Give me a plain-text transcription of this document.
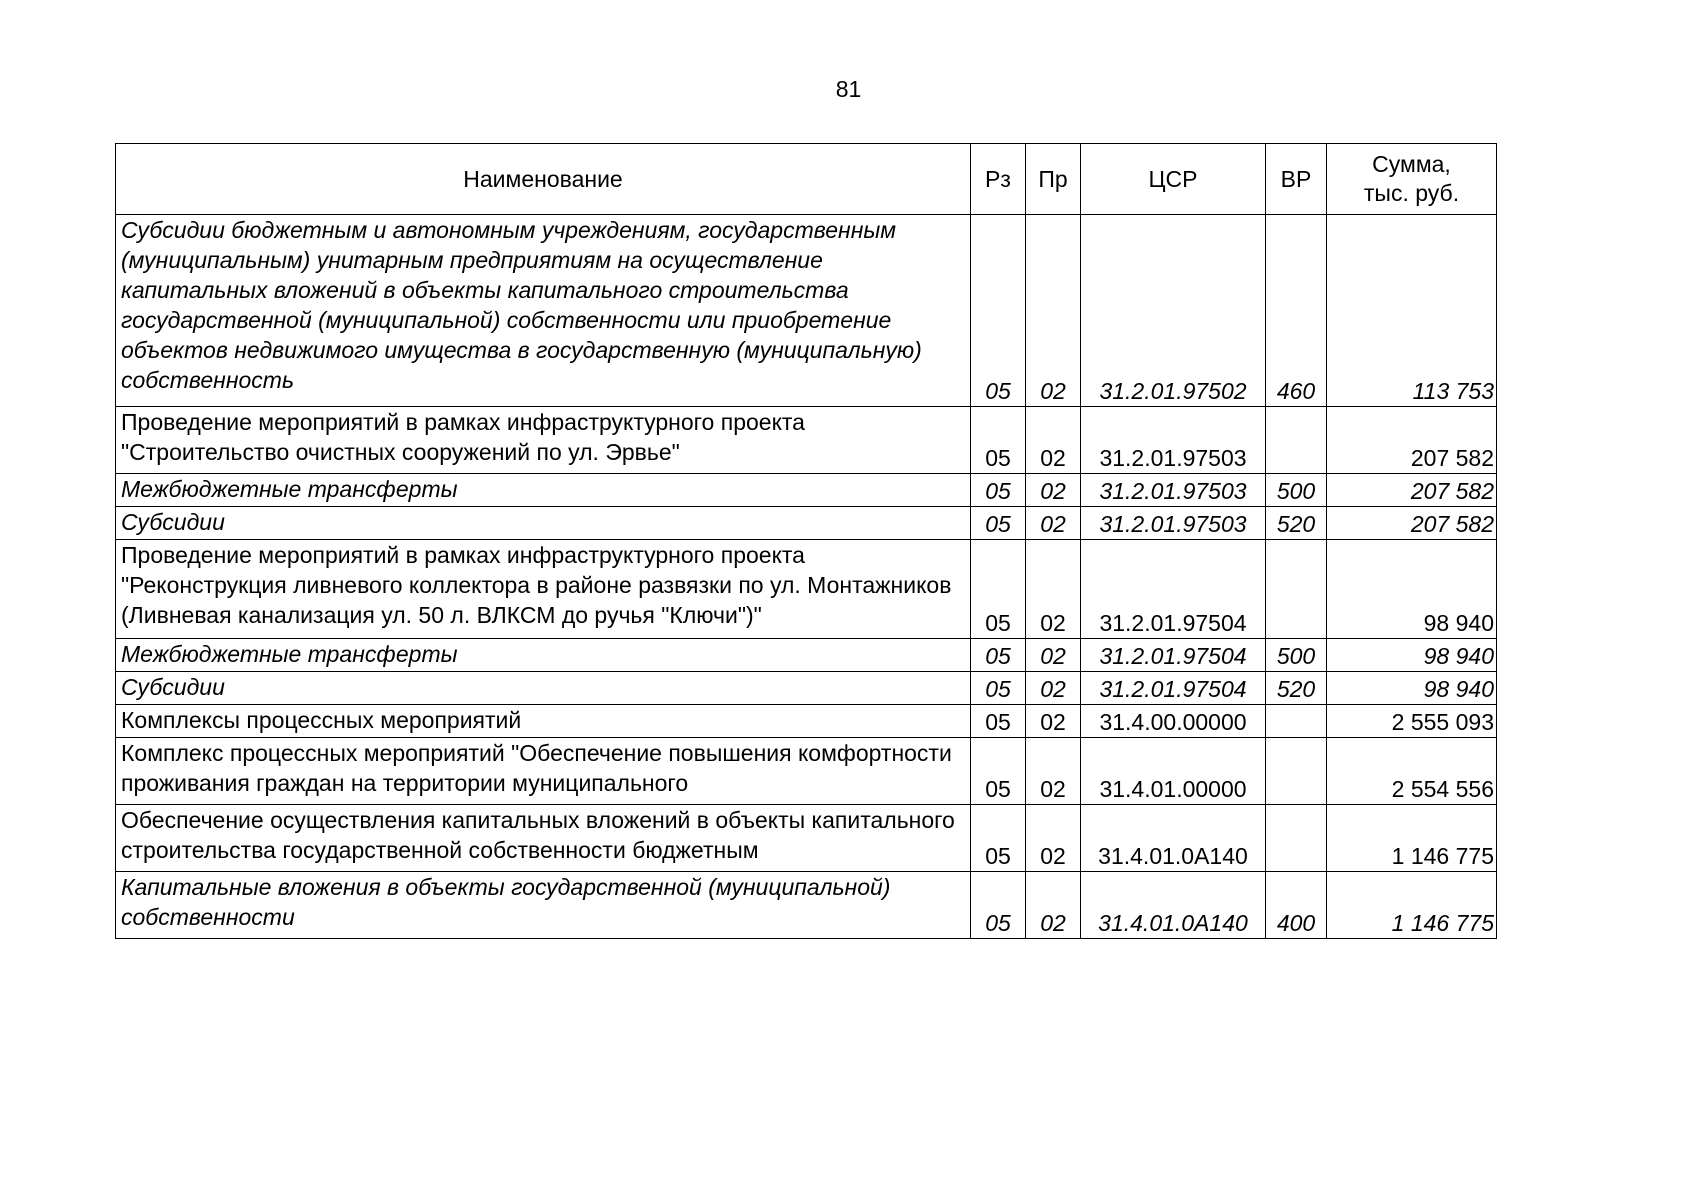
81
Наименование	Рз	Пр	ЦСР	ВР	Сумма,
тыс. руб.

Субсидии бюджетным и автономным учреждениям, государственным (муниципальным) унитарным предприятиям на осуществление капитальных вложений в объекты капитального строительства государственной (муниципальной) собственности или приобретение объектов недвижимого имущества в государственную (муниципальную) собственность	05	02	31.2.01.97502	460	113 753
Проведение мероприятий в рамках инфраструктурного проекта "Строительство очистных сооружений по ул. Эрвье"	05	02	31.2.01.97503		207 582
Межбюджетные трансферты	05	02	31.2.01.97503	500	207 582
Субсидии	05	02	31.2.01.97503	520	207 582
Проведение мероприятий в рамках инфраструктурного проекта "Реконструкция ливневого коллектора в районе развязки по ул. Монтажников (Ливневая канализация ул. 50 л. ВЛКСМ до ручья "Ключи")"	05	02	31.2.01.97504		98 940
Межбюджетные трансферты	05	02	31.2.01.97504	500	98 940
Субсидии	05	02	31.2.01.97504	520	98 940
Комплексы процессных мероприятий	05	02	31.4.00.00000		2 555 093
Комплекс процессных мероприятий "Обеспечение повышения комфортности проживания граждан на территории муниципального	05	02	31.4.01.00000		2 554 556
Обеспечение осуществления капитальных вложений в объекты капитального строительства государственной собственности бюджетным	05	02	31.4.01.0А140		1 146 775
Капитальные вложения в объекты государственной (муниципальной) собственности	05	02	31.4.01.0А140	400	1 146 775
